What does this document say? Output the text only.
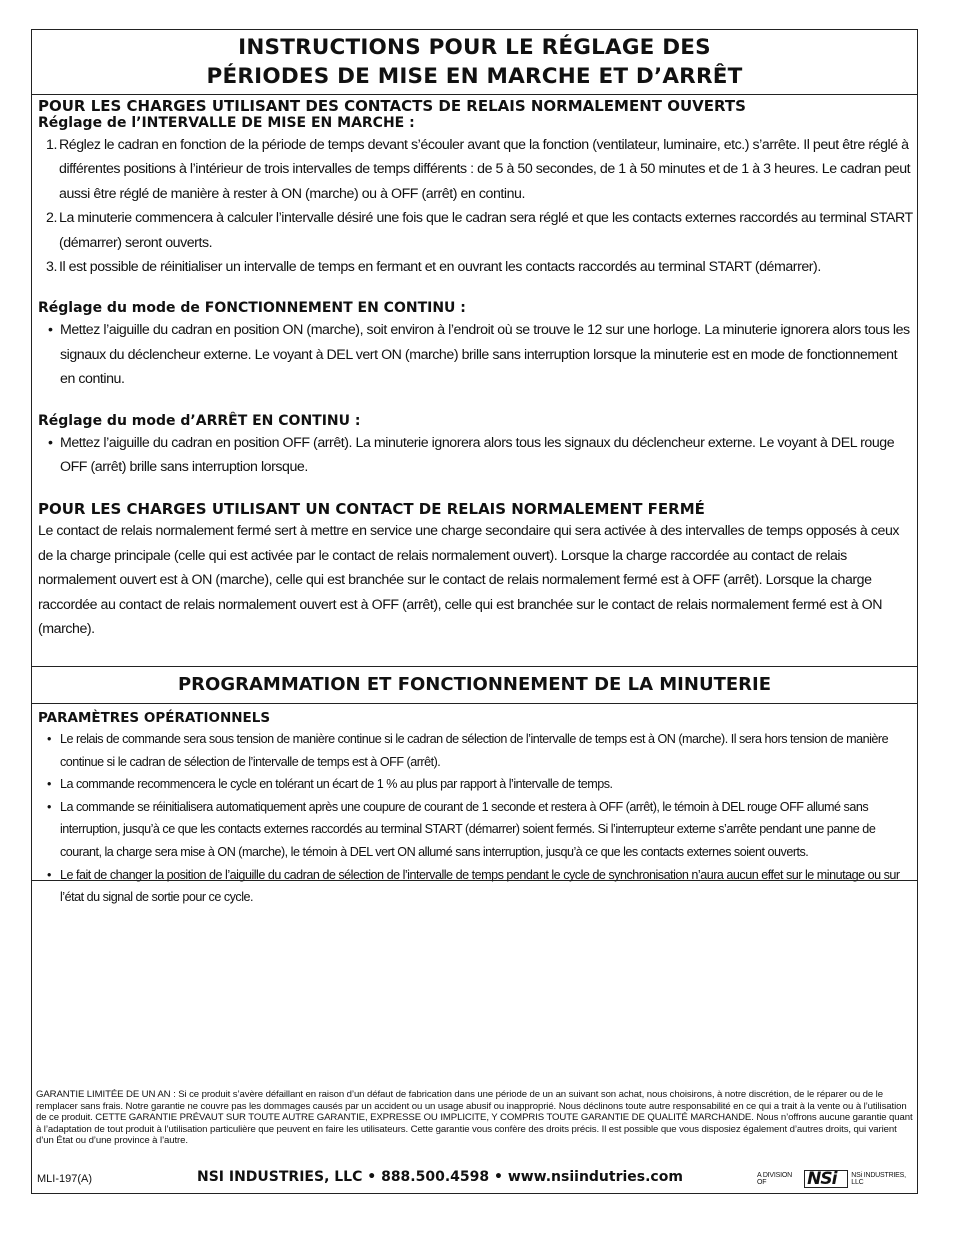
INSTRUCTIONS POUR LE RÉGLAGE DES
PÉRIODES DE MISE EN MARCHE ET D’ARRÊT

POUR LES CHARGES UTILISANT DES CONTACTS DE RELAIS NORMALEMENT OUVERTS

Réglage de l’INTERVALLE DE MISE EN MARCHE :

1. Réglez le cadran en fonction de la période de temps devant s’écouler avant que la fonction (ventilateur, luminaire, etc.) s’arrête. Il peut être réglé à différentes positions à l’intérieur de trois intervalles de temps différents : de 5 à 50 secondes, de 1 à 50 minutes et de 1 à 3 heures. Le cadran peut aussi être réglé de manière à rester à ON (marche) ou à OFF (arrêt) en continu.
2. La minuterie commencera à calculer l’intervalle désiré une fois que le cadran sera réglé et que les contacts externes raccordés au terminal START (démarrer) seront ouverts.
3. Il est possible de réinitialiser un intervalle de temps en fermant et en ouvrant les contacts raccordés au terminal START (démarrer).

Réglage du mode de FONCTIONNEMENT EN CONTINU :

• Mettez l’aiguille du cadran en position ON (marche), soit environ à l’endroit où se trouve le 12 sur une horloge. La minuterie ignorera alors tous les signaux du déclencheur externe. Le voyant à DEL vert ON (marche) brille sans interruption lorsque la minuterie est en mode de fonctionnement en continu.

Réglage du mode d’ARRÊT EN CONTINU :

• Mettez l’aiguille du cadran en position OFF (arrêt). La minuterie ignorera alors tous les signaux du déclencheur externe. Le voyant à DEL rouge OFF (arrêt) brille sans interruption lorsque.

POUR LES CHARGES UTILISANT UN CONTACT DE RELAIS NORMALEMENT FERMÉ

Le contact de relais normalement fermé sert à mettre en service une charge secondaire qui sera activée à des intervalles de temps opposés à ceux de la charge principale (celle qui est activée par le contact de relais normalement ouvert). Lorsque la charge raccordée au contact de relais normalement ouvert est à ON (marche), celle qui est branchée sur le contact de relais normalement fermé est à OFF (arrêt). Lorsque la charge raccordée au contact de relais normalement ouvert est à OFF (arrêt), celle qui est branchée sur le contact de relais normalement fermé est à ON (marche).

PROGRAMMATION ET FONCTIONNEMENT DE LA MINUTERIE

PARAMÈTRES OPÉRATIONNELS

• Le relais de commande sera sous tension de manière continue si le cadran de sélection de l’intervalle de temps est à ON (marche). Il sera hors tension de manière continue si le cadran de sélection de l’intervalle de temps est à OFF (arrêt).
• La commande recommencera le cycle en tolérant un écart de 1 % au plus par rapport à l’intervalle de temps.
• La commande se réinitialisera automatiquement après une coupure de courant de 1 seconde et restera à OFF (arrêt), le témoin à DEL rouge OFF allumé sans interruption, jusqu’à ce que les contacts externes raccordés au terminal START (démarrer) soient fermés. Si l’interrupteur externe s’arrête pendant une panne de courant, la charge sera mise à ON (marche), le témoin à DEL vert ON allumé sans interruption, jusqu’à ce que les contacts externes soient ouverts.
• Le fait de changer la position de l’aiguille du cadran de sélection de l’intervalle de temps pendant le cycle de synchronisation n’aura aucun effet sur le minutage ou sur l’état du signal de sortie pour ce cycle.

GARANTIE LIMITÉE DE UN AN : Si ce produit s’avère défaillant en raison d’un défaut de fabrication dans une période de un an suivant son achat, nous choisirons, à notre discrétion, de le réparer ou de le remplacer sans frais. Notre garantie ne couvre pas les dommages causés par un accident ou un usage abusif ou inapproprié. Nous déclinons toute autre responsabilité en ce qui a trait à la vente ou à l’utilisation de ce produit. CETTE GARANTIE PRÉVAUT SUR TOUTE AUTRE GARANTIE, EXPRESSE OU IMPLICITE, Y COMPRIS TOUTE GARANTIE DE QUALITÉ MARCHANDE. Nous n’offrons aucune garantie quant à l’adaptation de tout produit à l’utilisation particulière que peuvent en faire les utilisateurs. Cette garantie vous confère des droits précis. Il est possible que vous disposiez également d’autres droits, qui varient d’un État ou d’une province à l’autre.

MLI-197(A)	NSI INDUSTRIES, LLC • 888.500.4598 • www.nsiindutries.com	A DIVISION OF	NSi NSi INDUSTRIES, LLC
